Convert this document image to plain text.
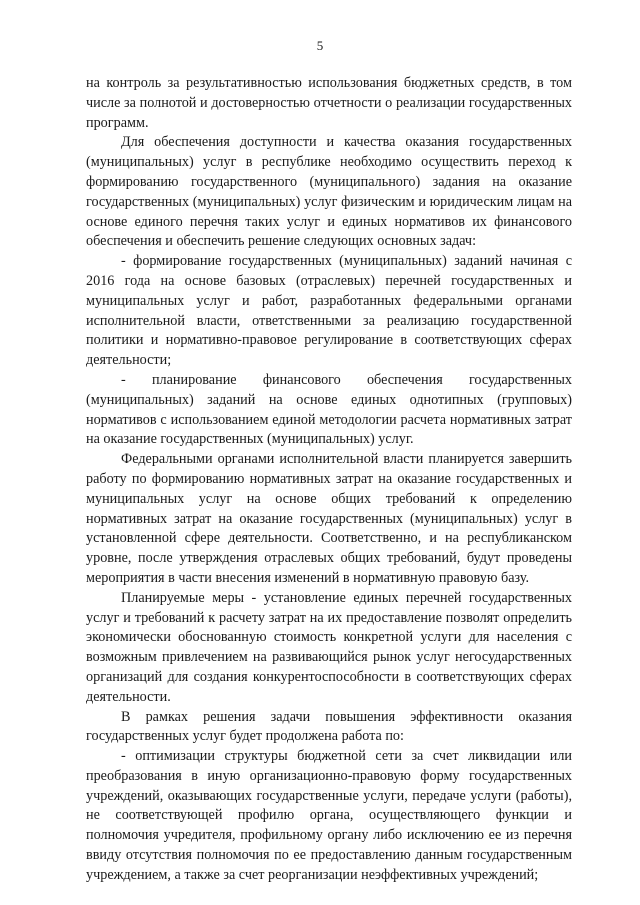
5

на контроль за результативностью использования бюджетных средств, в том числе за полнотой и достоверностью отчетности о реализации государственных программ.

Для обеспечения доступности и качества оказания государственных (муниципальных) услуг в республике необходимо осуществить переход к формированию государственного (муниципального) задания на оказание государственных (муниципальных) услуг физическим и юридическим лицам на основе единого перечня таких услуг и единых нормативов их финансового обеспечения и обеспечить решение следующих основных задач:

- формирование государственных (муниципальных) заданий начиная с 2016 года на основе базовых (отраслевых) перечней государственных и муниципальных услуг и работ, разработанных федеральными органами исполнительной власти, ответственными за реализацию государственной политики и нормативно-правовое регулирование в соответствующих сферах деятельности;

- планирование финансового обеспечения государственных (муниципальных) заданий на основе единых однотипных (групповых) нормативов с использованием единой методологии расчета нормативных затрат на оказание государственных (муниципальных) услуг.

Федеральными органами исполнительной власти планируется завершить работу по формированию нормативных затрат на оказание государственных и муниципальных услуг на основе общих требований к определению нормативных затрат на оказание государственных (муниципальных) услуг в установленной сфере деятельности. Соответственно, и на республиканском уровне, после утверждения отраслевых общих требований, будут проведены мероприятия в части внесения изменений в нормативную правовую базу.

Планируемые меры - установление единых перечней государственных услуг и требований к расчету затрат на их предоставление позволят определить экономически обоснованную стоимость конкретной услуги для населения с возможным привлечением на развивающийся рынок услуг негосударственных организаций для создания конкурентоспособности в соответствующих сферах деятельности.

В рамках решения задачи повышения эффективности оказания государственных услуг будет продолжена работа по:

- оптимизации структуры бюджетной сети за счет ликвидации или преобразования в иную организационно-правовую форму государственных учреждений, оказывающих государственные услуги, передаче услуги (работы), не соответствующей профилю органа, осуществляющего функции и полномочия учредителя, профильному органу либо исключению ее из перечня ввиду отсутствия полномочия по ее предоставлению данным государственным учреждением, а также за счет реорганизации неэффективных учреждений;
